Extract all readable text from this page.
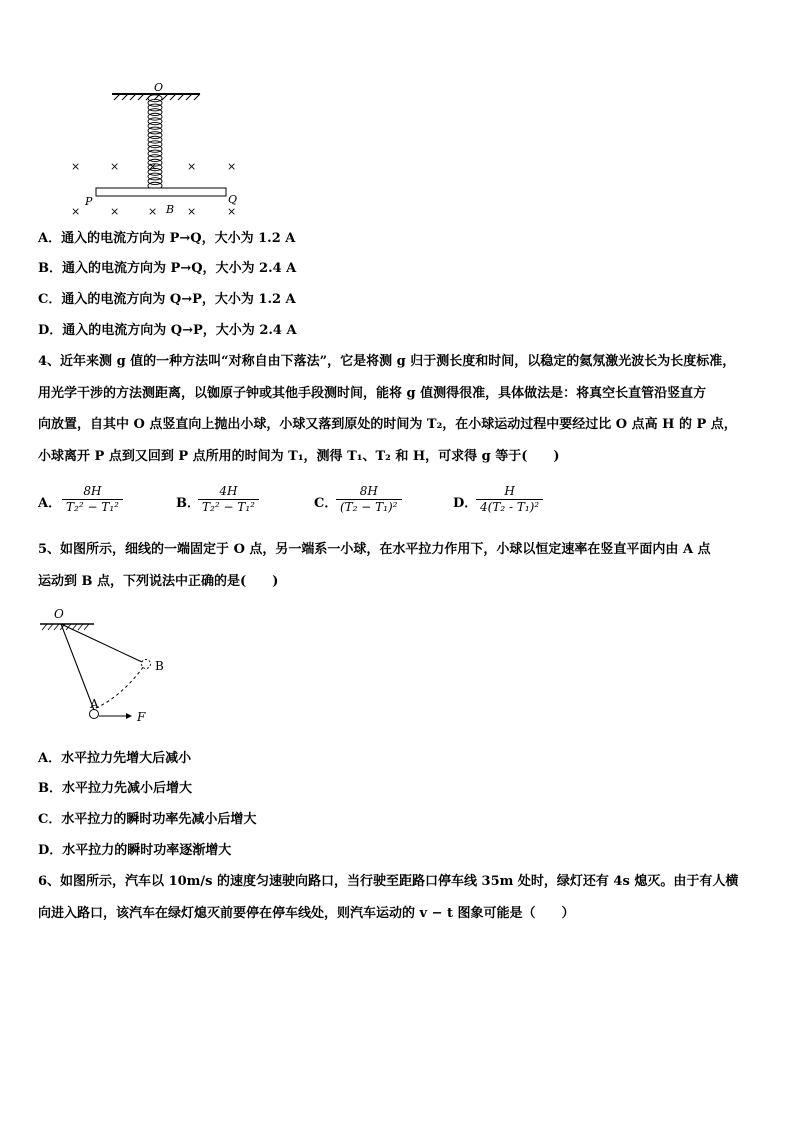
O
×	×	×	×	×
×	×	×	×	×
P	Q
B
A．通入的电流方向为 P→Q，大小为 1.2 A
B．通入的电流方向为 P→Q，大小为 2.4 A
C．通入的电流方向为 Q→P，大小为 1.2 A
D．通入的电流方向为 Q→P，大小为 2.4 A
4、近年来测 g 值的一种方法叫“对称自由下落法”，它是将测 g 归于测长度和时间，以稳定的氦氖激光波长为长度标准，
用光学干涉的方法测距离，以铷原子钟或其他手段测时间，能将 g 值测得很准，具体做法是：将真空长直管沿竖直方
向放置，自其中 O 点竖直向上抛出小球，小球又落到原处的时间为 T₂，在小球运动过程中要经过比 O 点高 H 的 P 点，
小球离开 P 点到又回到 P 点所用的时间为 T₁，测得 T₁、T₂ 和 H，可求得 g 等于(　　)
A．
8H
T₂² − T₁²	B．
4H
T₂² − T₁²	C．
8H
(T₂ − T₁)²	D．
H
4(T₂ - T₁)²
5、如图所示，细线的一端固定于 O 点，另一端系一小球，在水平拉力作用下，小球以恒定速率在竖直平面内由 A 点
运动到 B 点，下列说法中正确的是(　　)
O
B
A
F
A．水平拉力先增大后减小
B．水平拉力先减小后增大
C．水平拉力的瞬时功率先减小后增大
D．水平拉力的瞬时功率逐渐增大
6、如图所示，汽车以 10m/s 的速度匀速驶向路口，当行驶至距路口停车线 35m 处时，绿灯还有 4s 熄灭。由于有人横
向进入路口，该汽车在绿灯熄灭前要停在停车线处，则汽车运动的 v − t 图象可能是（　　）
